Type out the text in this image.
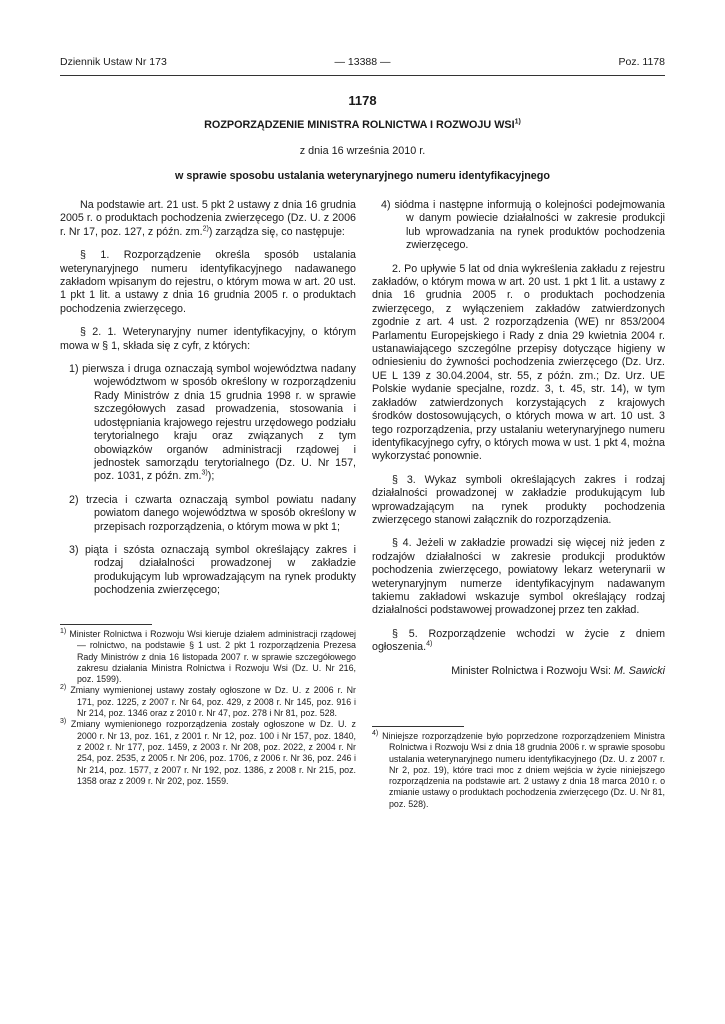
Dziennik Ustaw Nr 173	— 13388 —	Poz. 1178
1178
ROZPORZĄDZENIE MINISTRA ROLNICTWA I ROZWOJU WSI$^{1)}$
z dnia 16 września 2010 r.
w sprawie sposobu ustalania weterynaryjnego numeru identyfikacyjnego

Na podstawie art. 21 ust. 5 pkt 2 ustawy z dnia 16 grudnia 2005 r. o produktach pochodzenia zwierzęcego (Dz. U. z 2006 r. Nr 17, poz. 127, z późn. zm.$^{2)}$) zarządza się, co następuje:

§ 1. Rozporządzenie określa sposób ustalania weterynaryjnego numeru identyfikacyjnego nadawanego zakładom wpisanym do rejestru, o którym mowa w art. 20 ust. 1 pkt 1 lit. a ustawy z dnia 16 grudnia 2005 r. o produktach pochodzenia zwierzęcego.

§ 2. 1. Weterynaryjny numer identyfikacyjny, o którym mowa w § 1, składa się z cyfr, z których:

1) pierwsza i druga oznaczają symbol województwa nadany województwom w sposób określony w rozporządzeniu Rady Ministrów z dnia 15 grudnia 1998 r. w sprawie szczegółowych zasad prowadzenia, stosowania i udostępniania krajowego rejestru urzędowego podziału terytorialnego kraju oraz związanych z tym obowiązków organów administracji rządowej i jednostek samorządu terytorialnego (Dz. U. Nr 157, poz. 1031, z późn. zm.$^{3)}$);

2) trzecia i czwarta oznaczają symbol powiatu nadany powiatom danego województwa w sposób określony w przepisach rozporządzenia, o którym mowa w pkt 1;

3) piąta i szósta oznaczają symbol określający zakres i rodzaj działalności prowadzonej w zakładzie produkującym lub wprowadzającym na rynek produkty pochodzenia zwierzęcego;

4) siódma i następne informują o kolejności podejmowania w danym powiecie działalności w zakresie produkcji lub wprowadzania na rynek produktów pochodzenia zwierzęcego.

2. Po upływie 5 lat od dnia wykreślenia zakładu z rejestru zakładów, o którym mowa w art. 20 ust. 1 pkt 1 lit. a ustawy z dnia 16 grudnia 2005 r. o produktach pochodzenia zwierzęcego, z wyłączeniem zakładów zatwierdzonych zgodnie z art. 4 ust. 2 rozporządzenia (WE) nr 853/2004 Parlamentu Europejskiego i Rady z dnia 29 kwietnia 2004 r. ustanawiającego szczególne przepisy dotyczące higieny w odniesieniu do żywności pochodzenia zwierzęcego (Dz. Urz. UE L 139 z 30.04.2004, str. 55, z późn. zm.; Dz. Urz. UE Polskie wydanie specjalne, rozdz. 3, t. 45, str. 14), w tym zakładów zatwierdzonych korzystających z krajowych środków dostosowujących, o których mowa w art. 10 ust. 3 tego rozporządzenia, przy ustalaniu weterynaryjnego numeru identyfikacyjnego cyfry, o których mowa w ust. 1 pkt 4, można wykorzystać ponownie.

§ 3. Wykaz symboli określających zakres i rodzaj działalności prowadzonej w zakładzie produkującym lub wprowadzającym na rynek produkty pochodzenia zwierzęcego stanowi załącznik do rozporządzenia.

§ 4. Jeżeli w zakładzie prowadzi się więcej niż jeden z rodzajów działalności w zakresie produkcji produktów pochodzenia zwierzęcego, powiatowy lekarz weterynarii w weterynaryjnym numerze identyfikacyjnym nadawanym takiemu zakładowi wskazuje symbol określający rodzaj działalności podstawowej prowadzonej przez ten zakład.

§ 5. Rozporządzenie wchodzi w życie z dniem ogłoszenia.$^{4)}$

Minister Rolnictwa i Rozwoju Wsi: M. Sawicki

$^{1)}$ Minister Rolnictwa i Rozwoju Wsi kieruje działem administracji rządowej — rolnictwo, na podstawie § 1 ust. 2 pkt 1 rozporządzenia Prezesa Rady Ministrów z dnia 16 listopada 2007 r. w sprawie szczegółowego zakresu działania Ministra Rolnictwa i Rozwoju Wsi (Dz. U. Nr 216, poz. 1599).

$^{2)}$ Zmiany wymienionej ustawy zostały ogłoszone w Dz. U. z 2006 r. Nr 171, poz. 1225, z 2007 r. Nr 64, poz. 429, z 2008 r. Nr 145, poz. 916 i Nr 214, poz. 1346 oraz z 2010 r. Nr 47, poz. 278 i Nr 81, poz. 528.

$^{3)}$ Zmiany wymienionego rozporządzenia zostały ogłoszone w Dz. U. z 2000 r. Nr 13, poz. 161, z 2001 r. Nr 12, poz. 100 i Nr 157, poz. 1840, z 2002 r. Nr 177, poz. 1459, z 2003 r. Nr 208, poz. 2022, z 2004 r. Nr 254, poz. 2535, z 2005 r. Nr 206, poz. 1706, z 2006 r. Nr 36, poz. 246 i Nr 214, poz. 1577, z 2007 r. Nr 192, poz. 1386, z 2008 r. Nr 215, poz. 1358 oraz z 2009 r. Nr 202, poz. 1559.

$^{4)}$ Niniejsze rozporządzenie było poprzedzone rozporządzeniem Ministra Rolnictwa i Rozwoju Wsi z dnia 18 grudnia 2006 r. w sprawie sposobu ustalania weterynaryjnego numeru identyfikacyjnego (Dz. U. z 2007 r. Nr 2, poz. 19), które traci moc z dniem wejścia w życie niniejszego rozporządzenia na podstawie art. 2 ustawy z dnia 18 marca 2010 r. o zmianie ustawy o produktach pochodzenia zwierzęcego (Dz. U. Nr 81, poz. 528).
